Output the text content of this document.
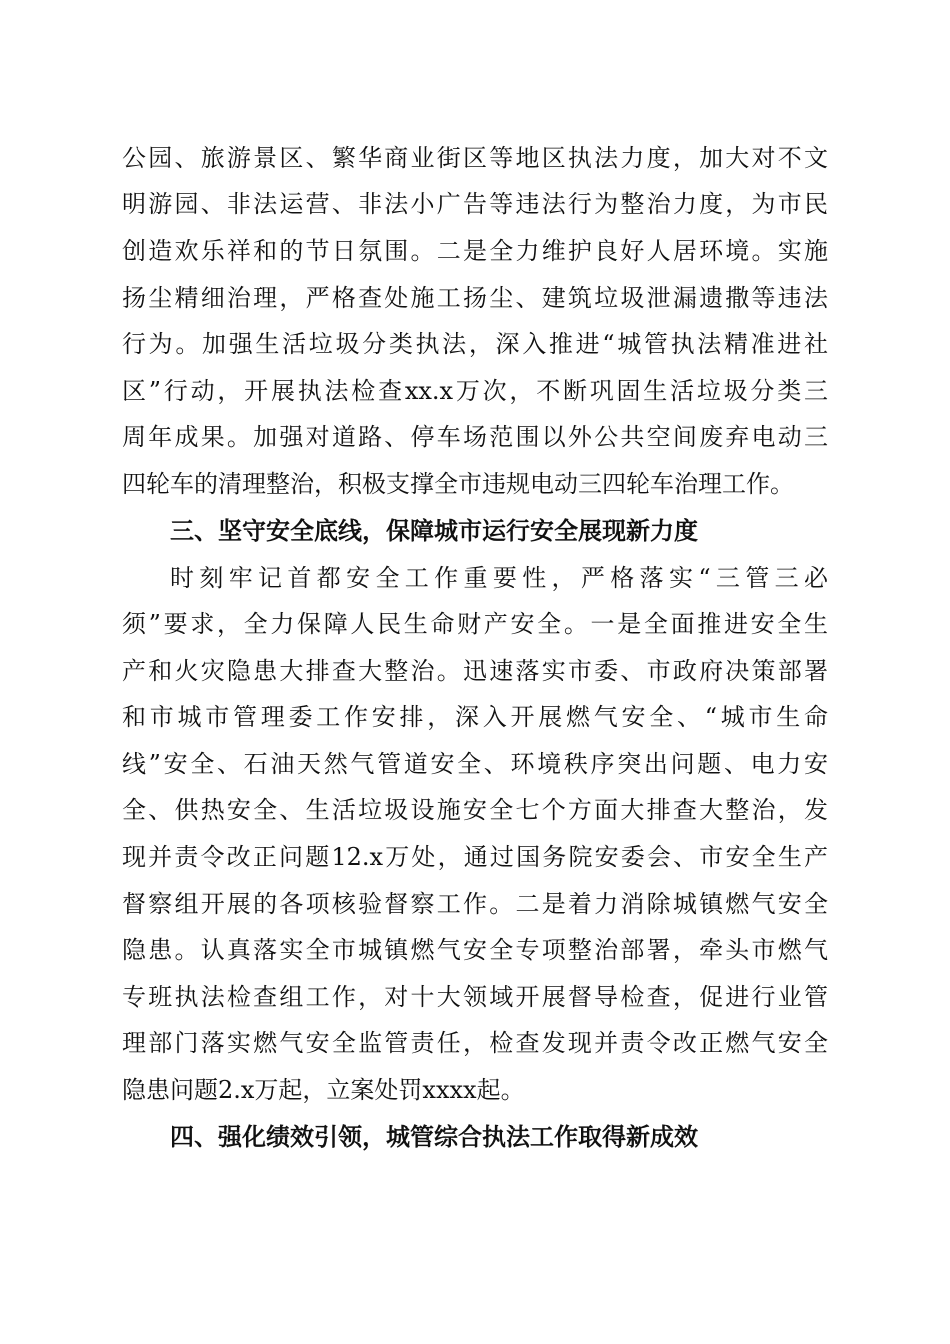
公园、旅游景区、繁华商业街区等地区执法力度，加大对不文
明游园、非法运营、非法小广告等违法行为整治力度，为市民
创造欢乐祥和的节日氛围。二是全力维护良好人居环境。实施
扬尘精细治理，严格查处施工扬尘、建筑垃圾泄漏遗撒等违法
行为。加强生活垃圾分类执法，深入推进“城管执法精准进社
区”行动，开展执法检查xx.x万次，不断巩固生活垃圾分类三
周年成果。加强对道路、停车场范围以外公共空间废弃电动三
四轮车的清理整治，积极支撑全市违规电动三四轮车治理工作。
三、坚守安全底线，保障城市运行安全展现新力度
时刻牢记首都安全工作重要性，严格落实“三管三必
须”要求，全力保障人民生命财产安全。一是全面推进安全生
产和火灾隐患大排查大整治。迅速落实市委、市政府决策部署
和市城市管理委工作安排，深入开展燃气安全、“城市生命
线”安全、石油天然气管道安全、环境秩序突出问题、电力安
全、供热安全、生活垃圾设施安全七个方面大排查大整治，发
现并责令改正问题12.x万处，通过国务院安委会、市安全生产
督察组开展的各项核验督察工作。二是着力消除城镇燃气安全
隐患。认真落实全市城镇燃气安全专项整治部署，牵头市燃气
专班执法检查组工作，对十大领域开展督导检查，促进行业管
理部门落实燃气安全监管责任，检查发现并责令改正燃气安全
隐患问题2.x万起，立案处罚xxxx起。
四、强化绩效引领，城管综合执法工作取得新成效
